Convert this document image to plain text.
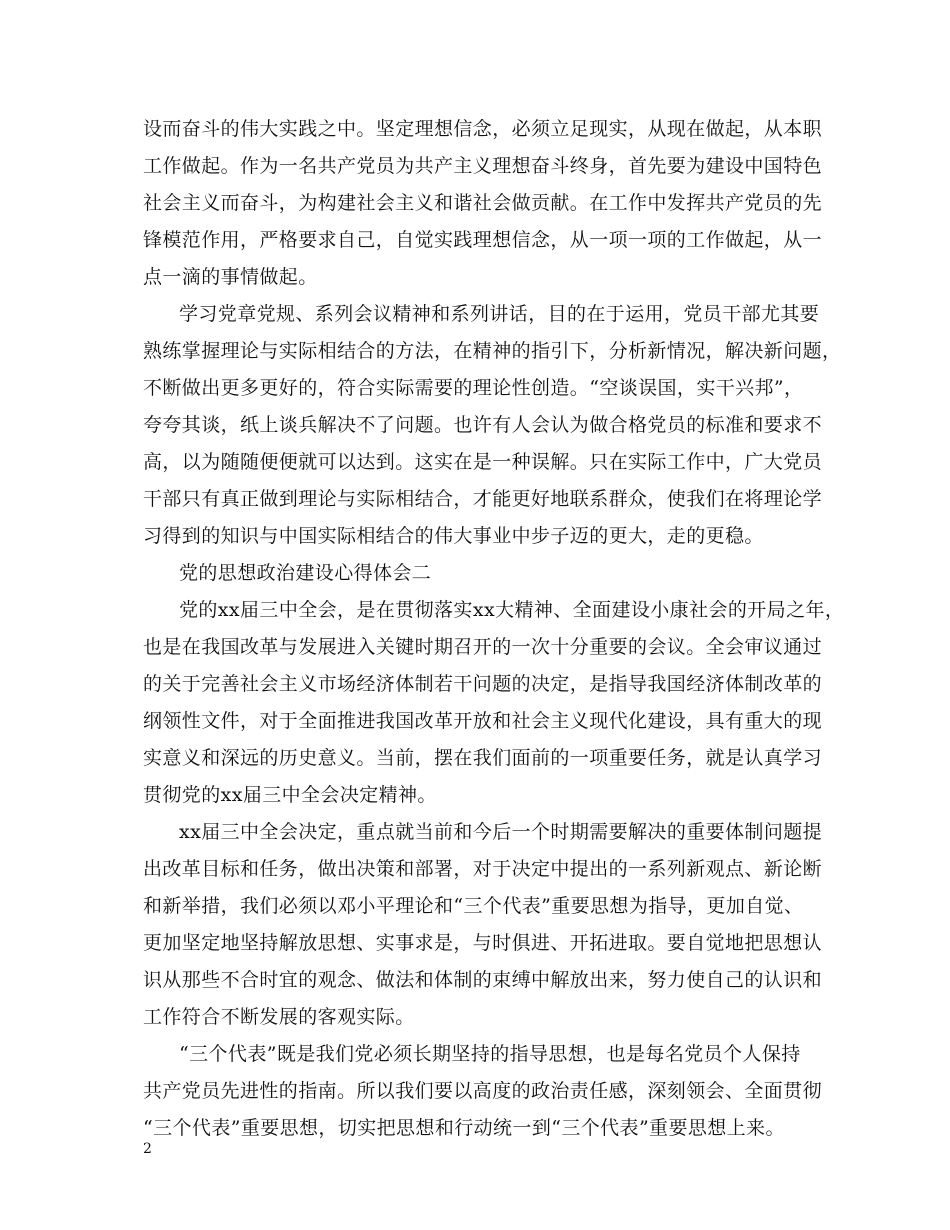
设而奋斗的伟大实践之中。坚定理想信念，必须立足现实，从现在做起，从本职
工作做起。作为一名共产党员为共产主义理想奋斗终身，首先要为建设中国特色
社会主义而奋斗，为构建社会主义和谐社会做贡献。在工作中发挥共产党员的先
锋模范作用，严格要求自己，自觉实践理想信念，从一项一项的工作做起，从一
点一滴的事情做起。
学习党章党规、系列会议精神和系列讲话，目的在于运用，党员干部尤其要
熟练掌握理论与实际相结合的方法，在精神的指引下，分析新情况，解决新问题，
不断做出更多更好的，符合实际需要的理论性创造。“空谈误国，实干兴邦”，
夸夸其谈，纸上谈兵解决不了问题。也许有人会认为做合格党员的标准和要求不
高，以为随随便便就可以达到。这实在是一种误解。只在实际工作中，广大党员
干部只有真正做到理论与实际相结合，才能更好地联系群众，使我们在将理论学
习得到的知识与中国实际相结合的伟大事业中步子迈的更大，走的更稳。
党的思想政治建设心得体会二
党的xx届三中全会，是在贯彻落实xx大精神、全面建设小康社会的开局之年，
也是在我国改革与发展进入关键时期召开的一次十分重要的会议。全会审议通过
的关于完善社会主义市场经济体制若干问题的决定，是指导我国经济体制改革的
纲领性文件，对于全面推进我国改革开放和社会主义现代化建设，具有重大的现
实意义和深远的历史意义。当前，摆在我们面前的一项重要任务，就是认真学习
贯彻党的xx届三中全会决定精神。
xx届三中全会决定，重点就当前和今后一个时期需要解决的重要体制问题提
出改革目标和任务，做出决策和部署，对于决定中提出的一系列新观点、新论断
和新举措，我们必须以邓小平理论和“三个代表”重要思想为指导，更加自觉、
更加坚定地坚持解放思想、实事求是，与时俱进、开拓进取。要自觉地把思想认
识从那些不合时宜的观念、做法和体制的束缚中解放出来，努力使自己的认识和
工作符合不断发展的客观实际。
“三个代表”既是我们党必须长期坚持的指导思想，也是每名党员个人保持
共产党员先进性的指南。所以我们要以高度的政治责任感，深刻领会、全面贯彻
“三个代表”重要思想，切实把思想和行动统一到“三个代表”重要思想上来。
2
